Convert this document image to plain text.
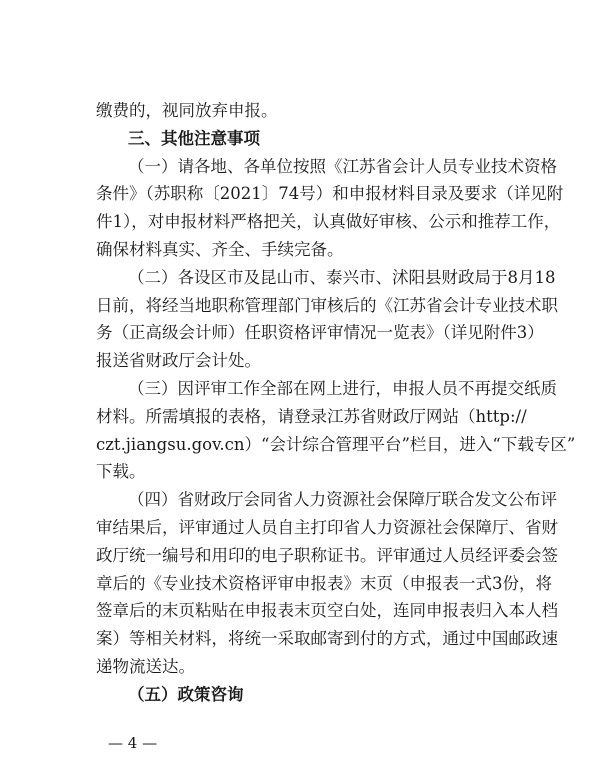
缴费的，视同放弃申报。
三、其他注意事项
（一）请各地、各单位按照《江苏省会计人员专业技术资格
条件》（苏职称〔2021〕74号）和申报材料目录及要求（详见附
件1），对申报材料严格把关，认真做好审核、公示和推荐工作，
确保材料真实、齐全、手续完备。
（二）各设区市及昆山市、泰兴市、沭阳县财政局于8月18
日前，将经当地职称管理部门审核后的《江苏省会计专业技术职
务（正高级会计师）任职资格评审情况一览表》（详见附件3）
报送省财政厅会计处。
（三）因评审工作全部在网上进行，申报人员不再提交纸质
材料。所需填报的表格，请登录江苏省财政厅网站（http://
czt.jiangsu.gov.cn）“会计综合管理平台”栏目，进入“下载专区”
下载。
（四）省财政厅会同省人力资源社会保障厅联合发文公布评
审结果后，评审通过人员自主打印省人力资源社会保障厅、省财
政厅统一编号和用印的电子职称证书。评审通过人员经评委会签
章后的《专业技术资格评审申报表》末页（申报表一式3份，将
签章后的末页粘贴在申报表末页空白处，连同申报表归入本人档
案）等相关材料，将统一采取邮寄到付的方式，通过中国邮政速
递物流送达。
（五）政策咨询
— 4 —
